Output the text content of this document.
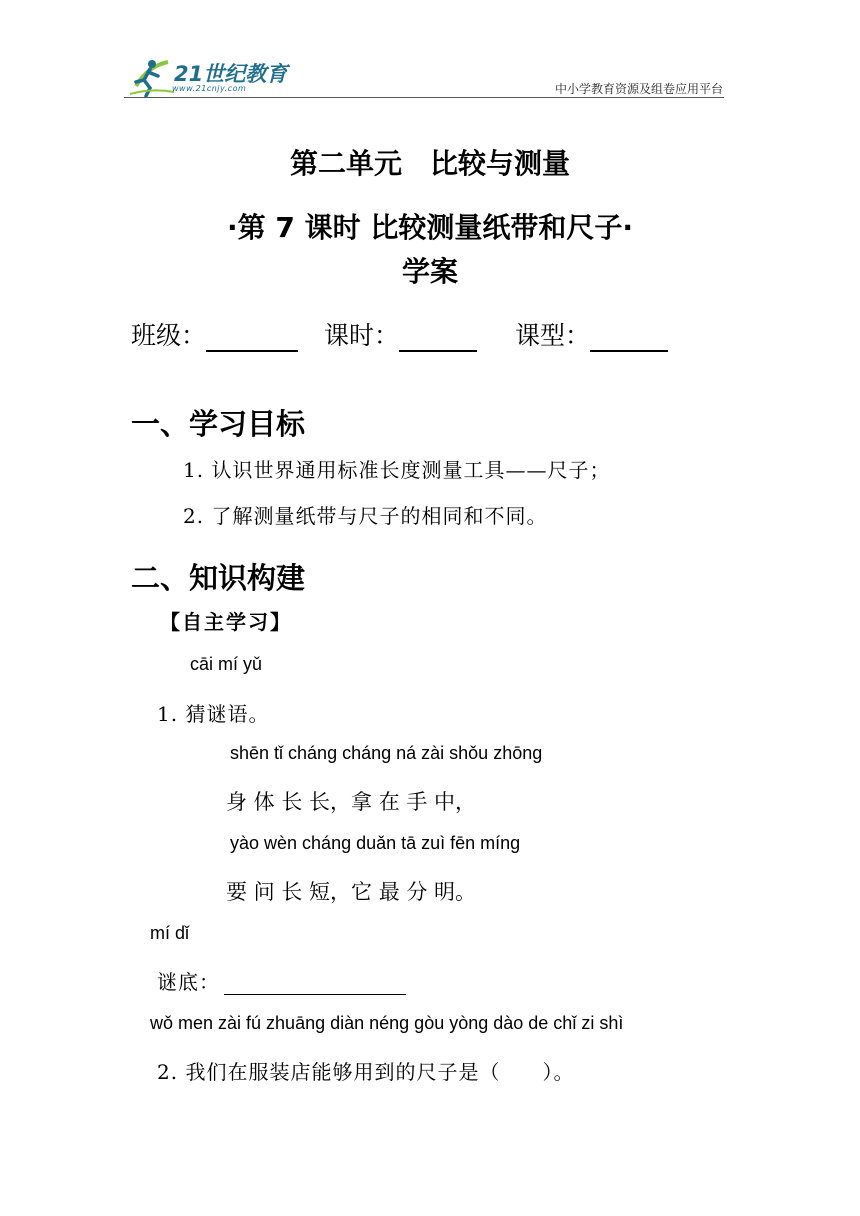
21世纪教育
www.21cnjy.com	中小学教育资源及组卷应用平台
第二单元　比较与测量
·第 7 课时 比较测量纸带和尺子·
学案
班级：	课时：	课型：
一、学习目标
1. 认识世界通用标准长度测量工具——尺子；
2. 了解测量纸带与尺子的相同和不同。
二、知识构建
【自主学习】
cāi mí yǔ
1. 猜谜语。
shēn tǐ cháng cháng ná zài shǒu zhōng
身 体 长 长，拿 在 手 中，
yào wèn cháng duǎn tā zuì fēn míng
要 问 长 短，它 最 分 明。
mí dǐ
谜底：
wǒ men zài fú zhuāng diàn néng gòu yòng dào de chǐ zi shì
2. 我们在服装店能够用到的尺子是（　　）。
